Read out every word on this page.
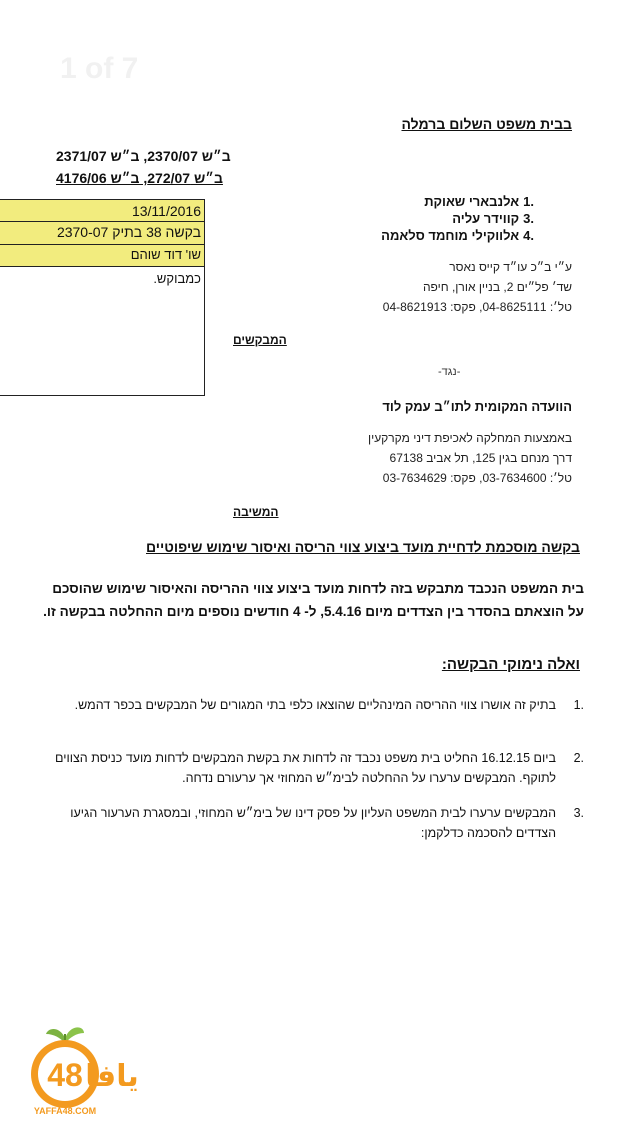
1 of 7
בבית משפט השלום ברמלה
ב״ש 2370/07, ב״ש 2371/07
ב״ש 272/07, ב״ש 4176/06
.1
אלנבארי שאוקת
.3
קווידר עליה
.4
אלווקילי מוחמד סלאמה
13/11/2016
בקשה 38 בתיק 2370-07
שו' דוד שוהם
כמבוקש.
ע״י ב״כ עו״ד קייס נאסר
שד׳ פל״ים 2, בניין אורן, חיפה
טל׳: 04-8625111, פקס: 04-8621913
המבקשים
-נגד-
הוועדה המקומית לתו״ב עמק לוד
באמצעות המחלקה לאכיפת דיני מקרקעין
דרך מנחם בגין 125, תל אביב 67138
טל׳: 03-7634600, פקס: 03-7634629
המשיבה
בקשה מוסכמת לדחיית מועד ביצוע צווי הריסה ואיסור שימוש שיפוטיים
בית המשפט הנכבד מתבקש בזה לדחות מועד ביצוע צווי ההריסה והאיסור שימוש שהוסכם על הוצאתם בהסדר בין הצדדים מיום 5.4.16, ל- 4 חודשים נוספים מיום ההחלטה בבקשה זו.
ואלה נימוקי הבקשה:
.1
בתיק זה אושרו צווי ההריסה המינהליים שהוצאו כלפי בתי המגורים של המבקשים בכפר דהמש.
.2
ביום 16.12.15 החליט בית משפט נכבד זה לדחות את בקשת המבקשים לדחות מועד כניסת הצווים לתוקף. המבקשים ערערו על ההחלטה לבימ״ש המחוזי אך ערעורם נדחה.
.3
המבקשים ערערו לבית המשפט העליון על פסק דינו של בימ״ש המחוזי, ובמסגרת הערעור הגיעו הצדדים להסכמה כדלקמן:
48 يافا
YAFFA48.COM
